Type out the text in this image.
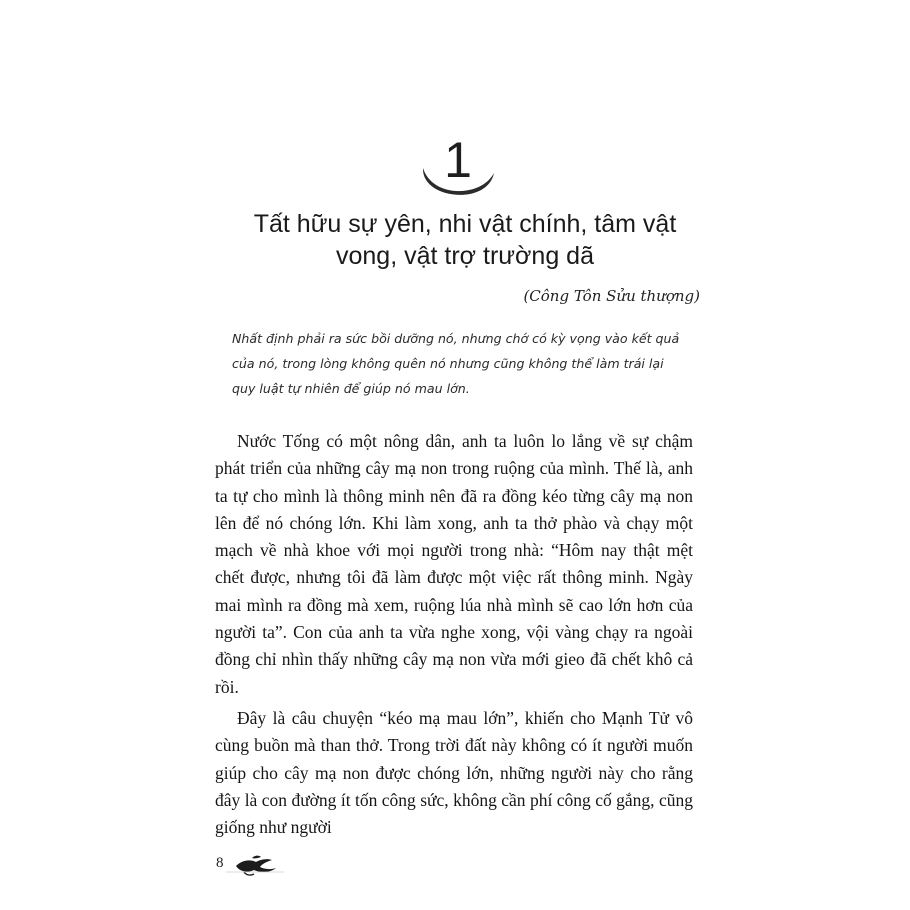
1
Tất hữu sự yên, nhi vật chính, tâm vật
vong, vật trợ trường dã
(Công Tôn Sửu thượng)

Nhất định phải ra sức bồi dưỡng nó, nhưng chớ có kỳ vọng vào kết quả của nó, trong lòng không quên nó nhưng cũng không thể làm trái lại quy luật tự nhiên để giúp nó mau lớn.

Nước Tống có một nông dân, anh ta luôn lo lắng về sự chậm phát triển của những cây mạ non trong ruộng của mình. Thế là, anh ta tự cho mình là thông minh nên đã ra đồng kéo từng cây mạ non lên để nó chóng lớn. Khi làm xong, anh ta thở phào và chạy một mạch về nhà khoe với mọi người trong nhà: “Hôm nay thật mệt chết được, nhưng tôi đã làm được một việc rất thông minh. Ngày mai mình ra đồng mà xem, ruộng lúa nhà mình sẽ cao lớn hơn của người ta”. Con của anh ta vừa nghe xong, vội vàng chạy ra ngoài đồng chỉ nhìn thấy những cây mạ non vừa mới gieo đã chết khô cả rồi.

Đây là câu chuyện “kéo mạ mau lớn”, khiến cho Mạnh Tử vô cùng buồn mà than thở. Trong trời đất này không có ít người muốn giúp cho cây mạ non được chóng lớn, những người này cho rằng đây là con đường ít tốn công sức, không cần phí công cố gắng, cũng giống như người

8
